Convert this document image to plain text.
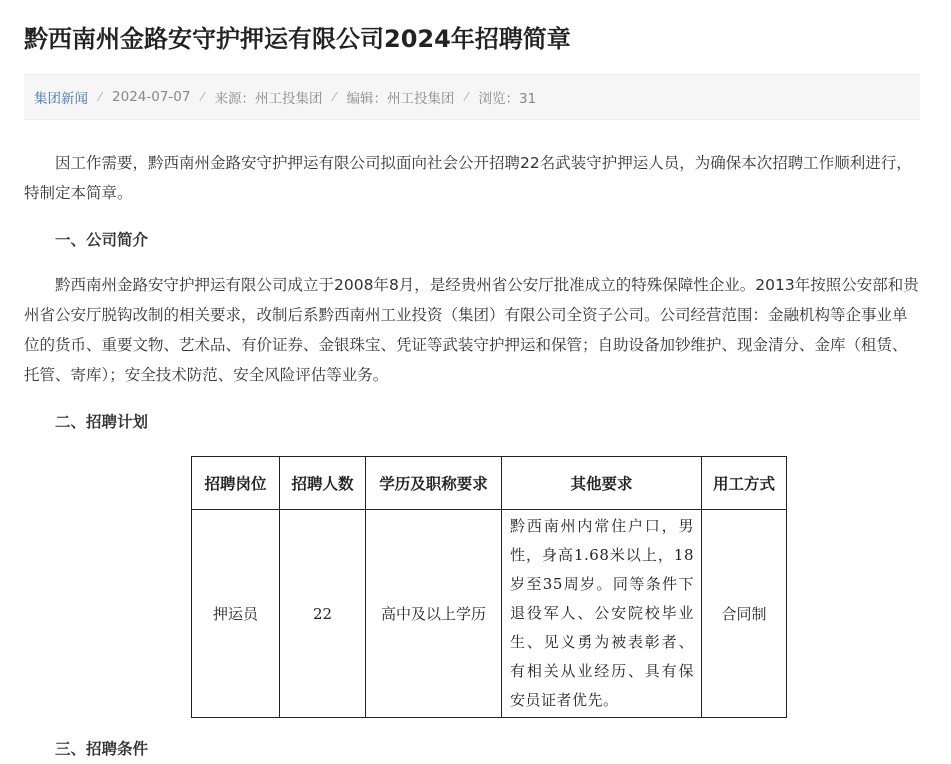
黔西南州金路安守护押运有限公司2024年招聘简章
集团新闻 ⁄ 2024-07-07 ⁄ 来源：州工投集团 ⁄ 编辑：州工投集团 ⁄ 浏览：31

因工作需要，黔西南州金路安守护押运有限公司拟面向社会公开招聘22名武装守护押运人员，为确保本次招聘工作顺利进行，特制定本简章。

一、公司简介

黔西南州金路安守护押运有限公司成立于2008年8月，是经贵州省公安厅批准成立的特殊保障性企业。2013年按照公安部和贵州省公安厅脱钩改制的相关要求，改制后系黔西南州工业投资（集团）有限公司全资子公司。公司经营范围：金融机构等企事业单位的货币、重要文物、艺术品、有价证券、金银珠宝、凭证等武装守护押运和保管；自助设备加钞维护、现金清分、金库（租赁、托管、寄库）；安全技术防范、安全风险评估等业务。

二、招聘计划

招聘岗位	招聘人数	学历及职称要求	其他要求	用工方式
押运员	22	高中及以上学历	黔西南州内常住户口，男性，身高1.68米以上，18岁至35周岁。同等条件下退役军人、公安院校毕业生、见义勇为被表彰者、有相关从业经历、具有保安员证者优先。	合同制

三、招聘条件
